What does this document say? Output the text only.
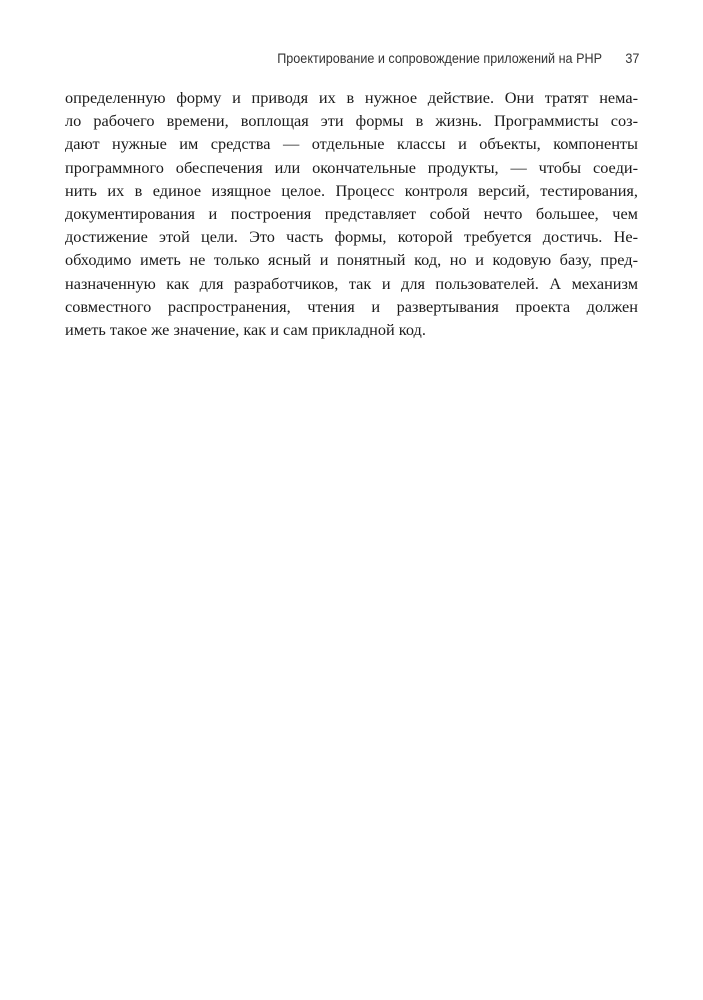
Проектирование и сопровождение приложений на PHP 37
определенную форму и приводя их в нужное действие. Они тратят нема-
ло рабочего времени, воплощая эти формы в жизнь. Программисты соз-
дают нужные им средства — отдельные классы и объекты, компоненты
программного обеспечения или окончательные продукты, — чтобы соеди-
нить их в единое изящное целое. Процесс контроля версий, тестирования,
документирования и построения представляет собой нечто большее, чем
достижение этой цели. Это часть формы, которой требуется достичь. Не-
обходимо иметь не только ясный и понятный код, но и кодовую базу, пред-
назначенную как для разработчиков, так и для пользователей. А механизм
совместного распространения, чтения и развертывания проекта должен
иметь такое же значение, как и сам прикладной код.
